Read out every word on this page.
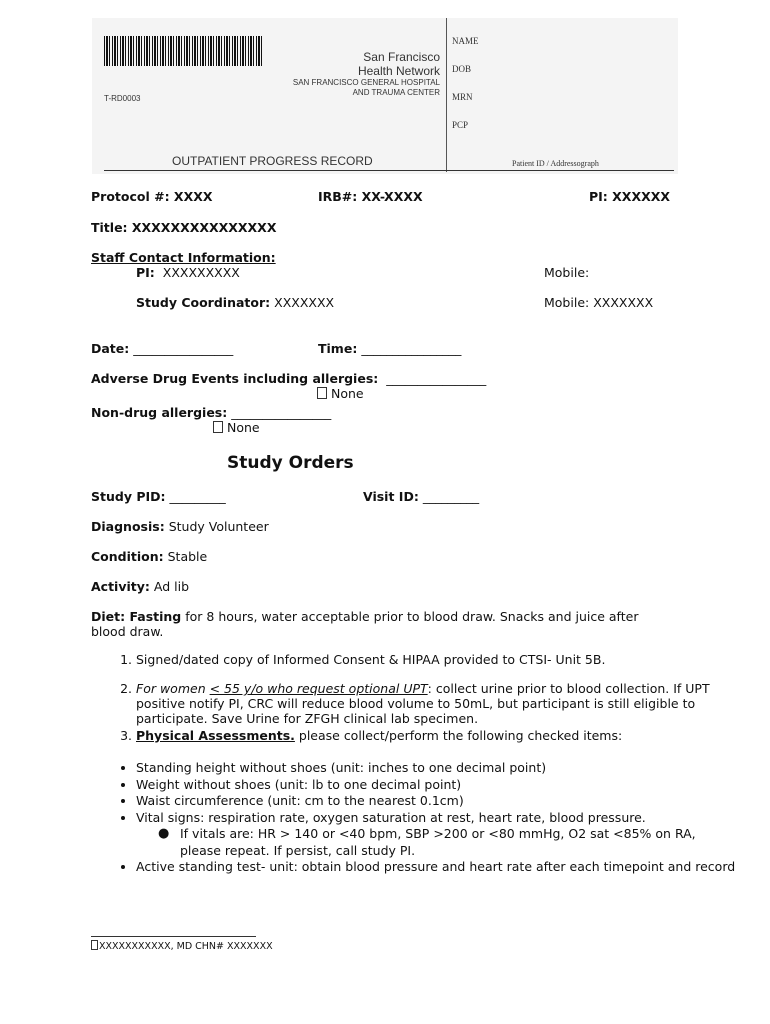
T-RD0003
San Francisco
Health Network
SAN FRANCISCO GENERAL HOSPITAL
AND TRAUMA CENTER
OUTPATIENT PROGRESS RECORD
NAME
DOB
MRN
PCP
Patient ID / Addressograph
Protocol #: XXXX	IRB#: XX-XXXX	PI: XXXXXX
Title: XXXXXXXXXXXXXXX
Staff Contact Information:
PI: XXXXXXXXX	Mobile:
Study Coordinator: XXXXXXX	Mobile: XXXXXXX
Date: ________________	Time: ________________
Adverse Drug Events including allergies: ________________
None
Non-drug allergies: ________________
None
Study Orders
Study PID: _________	Visit ID: _________
Diagnosis: Study Volunteer
Condition: Stable
Activity: Ad lib
Diet: Fasting for 8 hours, water acceptable prior to blood draw. Snacks and juice after blood draw.
1. Signed/dated copy of Informed Consent & HIPAA provided to CTSI- Unit 5B.
2. For women < 55 y/o who request optional UPT: collect urine prior to blood collection. If UPT positive notify PI, CRC will reduce blood volume to 50mL, but participant is still eligible to participate. Save Urine for ZFGH clinical lab specimen.
3. Physical Assessments. please collect/perform the following checked items:
• Standing height without shoes (unit: inches to one decimal point)
• Weight without shoes (unit: lb to one decimal point)
• Waist circumference (unit: cm to the nearest 0.1cm)
• Vital signs: respiration rate, oxygen saturation at rest, heart rate, blood pressure.
● If vitals are: HR > 140 or <40 bpm, SBP >200 or <80 mmHg, O2 sat <85% on RA, please repeat. If persist, call study PI.
• Active standing test- unit: obtain blood pressure and heart rate after each timepoint and record
XXXXXXXXXXX, MD CHN# XXXXXXX
